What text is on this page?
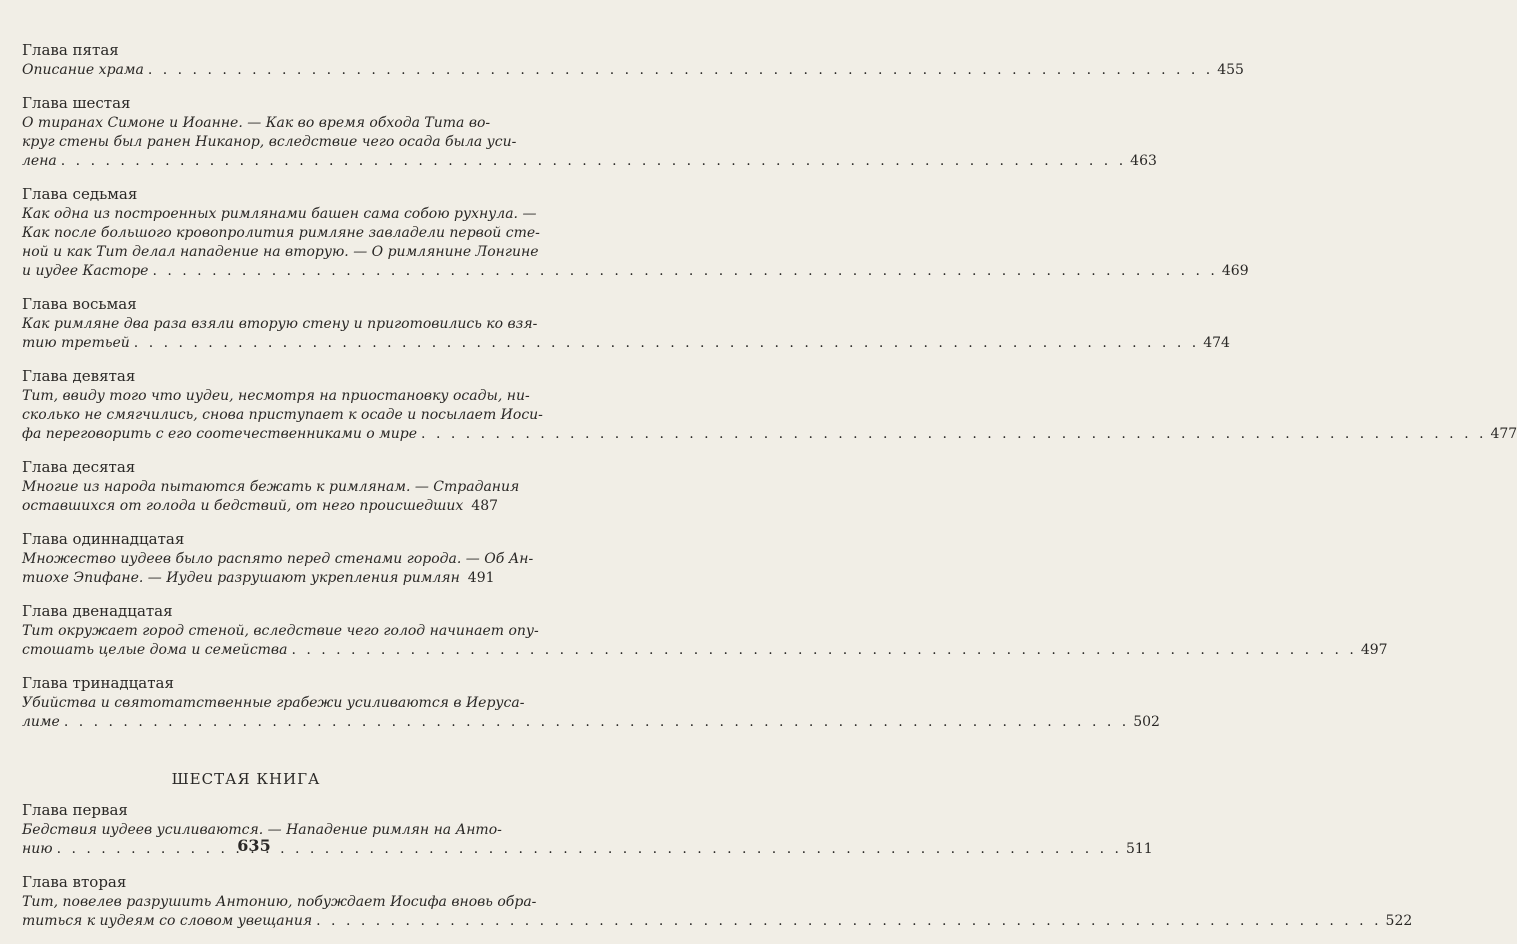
Глава пятая
Описание храма . . .	455
Глава шестая
О тиранах Симоне и Иоанне. — Как во время обхода Тита во-
круг стены был ранен Никанор, вследствие чего осада была уси-
лена . . .	463
Глава седьмая
Как одна из построенных римлянами башен сама собою рухнула. —
Как после большого кровопролития римляне завладели первой сте-
ной и как Тит делал нападение на вторую. — О римлянине Лонгине
и иудее Касторе . . .	469
Глава восьмая
Как римляне два раза взяли вторую стену и приготовились ко взя-
тию третьей . . .	474
Глава девятая
Тит, ввиду того что иудеи, несмотря на приостановку осады, ни-
сколько не смягчились, снова приступает к осаде и посылает Иоси-
фа переговорить с его соотечественниками о мире . . .	477
Глава десятая
Многие из народа пытаются бежать к римлянам. — Страдания
оставшихся от голода и бедствий, от него происшедших 487
Глава одиннадцатая
Множество иудеев было распято перед стенами города. — Об Ан-
тиохе Эпифане. — Иудеи разрушают укрепления римлян 491
Глава двенадцатая
Тит окружает город стеной, вследствие чего голод начинает опу-
стошать целые дома и семейства . . .	497
Глава тринадцатая
Убийства и святотатственные грабежи усиливаются в Иеруса-
лиме . . .	502
ШЕСТАЯ КНИГА
Глава первая
Бедствия иудеев усиливаются. — Нападение римлян на Анто-
нию . . .	511
Глава вторая
Тит, повелев разрушить Антонию, побуждает Иосифа вновь обра-
титься к иудеям со словом увещания . . .	522
635
